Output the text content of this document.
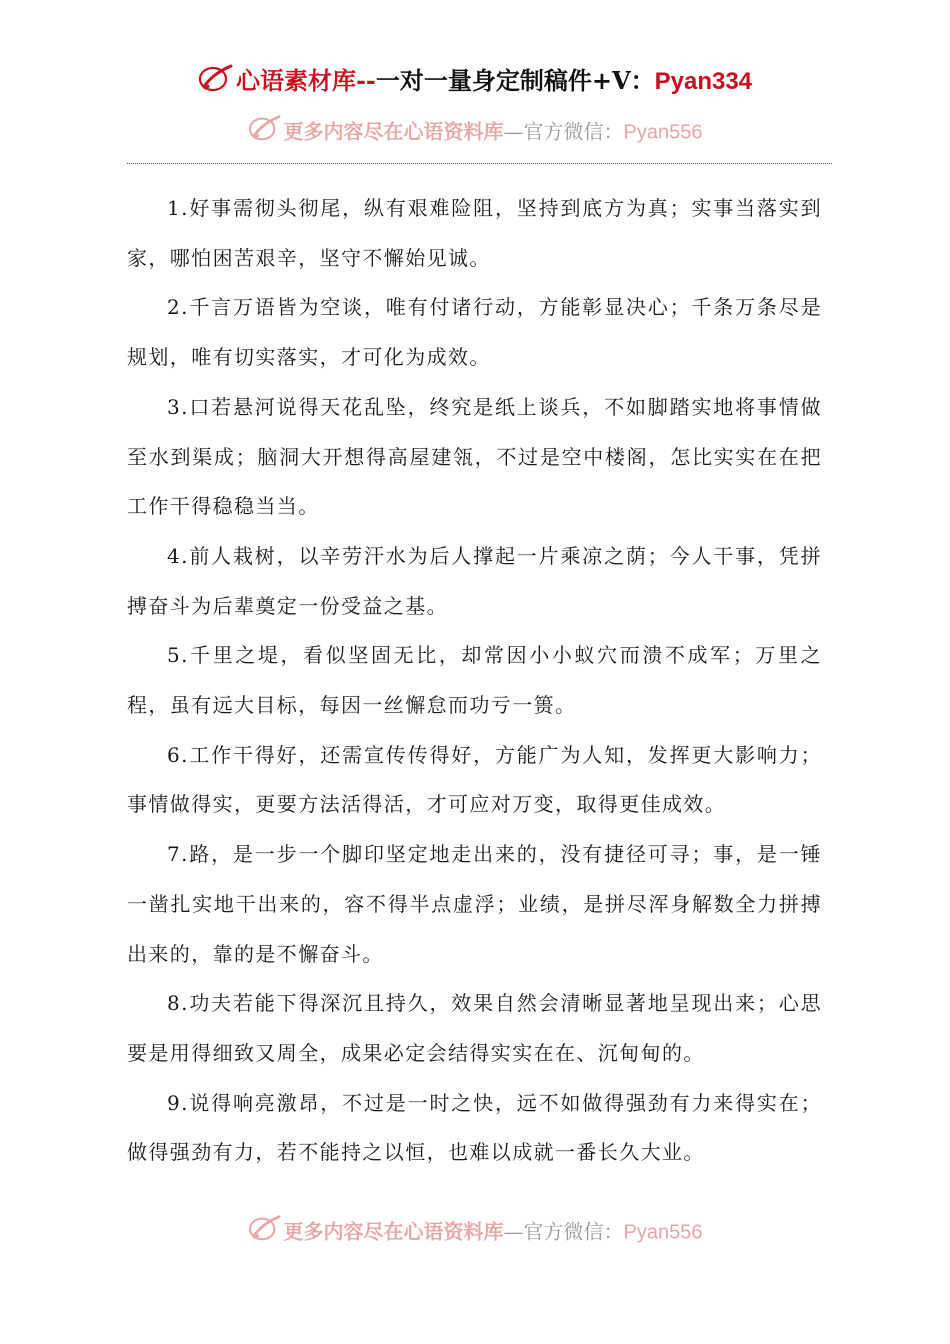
心语素材库--一对一量身定制稿件+V：Pyan334
更多内容尽在心语资料库—官方微信：Pyan556

1.好事需彻头彻尾，纵有艰难险阻，坚持到底方为真；实事当落实到家，哪怕困苦艰辛，坚守不懈始见诚。

2.千言万语皆为空谈，唯有付诸行动，方能彰显决心；千条万条尽是规划，唯有切实落实，才可化为成效。

3.口若悬河说得天花乱坠，终究是纸上谈兵，不如脚踏实地将事情做至水到渠成；脑洞大开想得高屋建瓴，不过是空中楼阁，怎比实实在在把工作干得稳稳当当。

4.前人栽树，以辛劳汗水为后人撑起一片乘凉之荫；今人干事，凭拼搏奋斗为后辈奠定一份受益之基。

5.千里之堤，看似坚固无比，却常因小小蚁穴而溃不成军；万里之程，虽有远大目标，每因一丝懈怠而功亏一篑。

6.工作干得好，还需宣传传得好，方能广为人知，发挥更大影响力；事情做得实，更要方法活得活，才可应对万变，取得更佳成效。

7.路，是一步一个脚印坚定地走出来的，没有捷径可寻；事，是一锤一凿扎实地干出来的，容不得半点虚浮；业绩，是拼尽浑身解数全力拼搏出来的，靠的是不懈奋斗。

8.功夫若能下得深沉且持久，效果自然会清晰显著地呈现出来；心思要是用得细致又周全，成果必定会结得实实在在、沉甸甸的。

9.说得响亮激昂，不过是一时之快，远不如做得强劲有力来得实在；做得强劲有力，若不能持之以恒，也难以成就一番长久大业。

更多内容尽在心语资料库—官方微信：Pyan556
